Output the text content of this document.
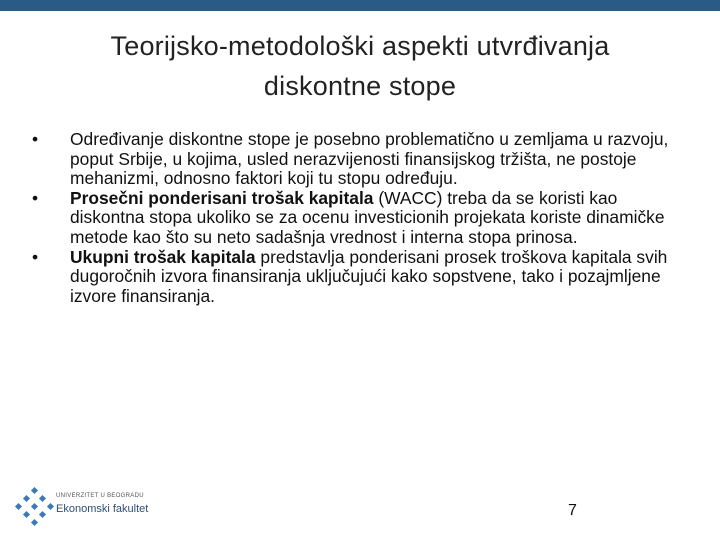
Teorijsko-metodološki aspekti utvrđivanja
diskontne stope
• Određivanje diskontne stope je posebno problematično u zemljama u razvoju, poput Srbije, u kojima, usled nerazvijenosti finansijskog tržišta, ne postoje mehanizmi, odnosno faktori koji tu stopu određuju.
• Prosečni ponderisani trošak kapitala (WACC) treba da se koristi kao diskontna stopa ukoliko se za ocenu investicionih projekata koriste dinamičke metode kao što su neto sadašnja vrednost i interna stopa prinosa.
• Ukupni trošak kapitala predstavlja ponderisani prosek troškova kapitala svih dugoročnih izvora finansiranja uključujući kako sopstvene, tako i pozajmljene izvore finansiranja.
UNIVERZITET U BEOGRADU
Ekonomski fakultet	7
